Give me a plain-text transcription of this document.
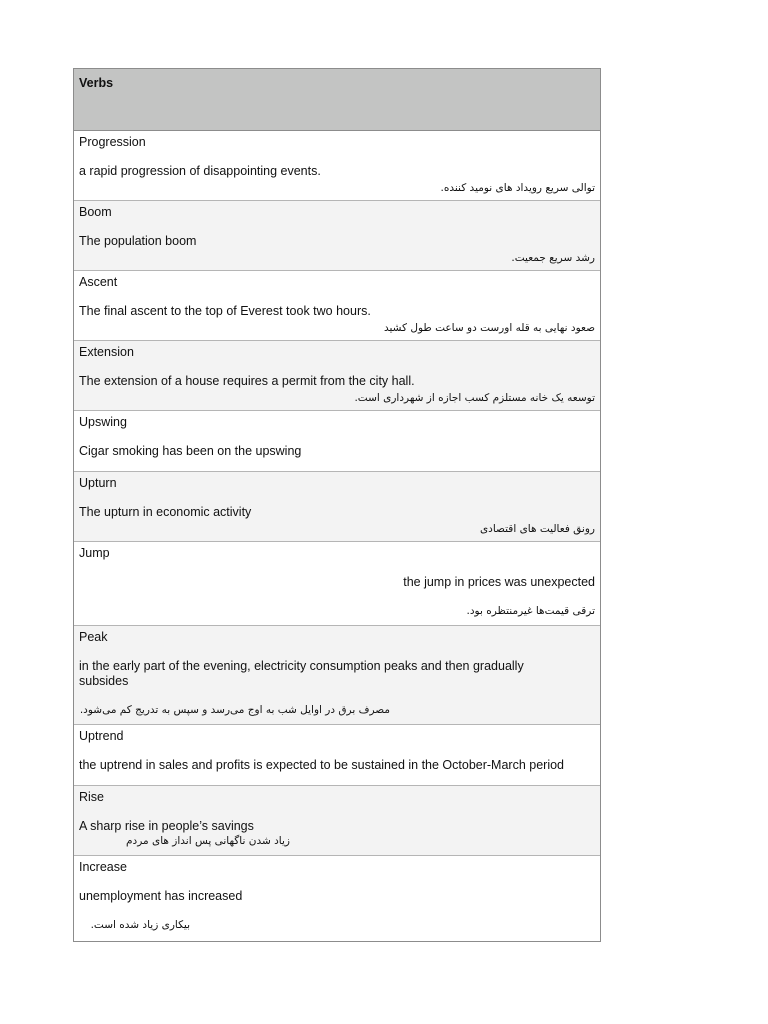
Verbs
Progression
a rapid progression of disappointing events.
توالی سریع رویداد های نومید کننده.
Boom
The population boom
رشد سریع جمعیت.
Ascent
The final ascent to the top of Everest took two hours.
صعود نهایی به قله اورست دو ساعت طول کشید
Extension
The extension of a house requires a permit from the city hall.
توسعه یک خانه مستلزم کسب اجازه از شهرداری است.
Upswing
Cigar smoking has been on the upswing
Upturn
The upturn in economic activity
رونق فعالیت های اقتصادی
Jump
the jump in prices was unexpected
ترقی قیمت‌ها غیرمنتظره بود.
Peak
in the early part of the evening, electricity consumption peaks and then gradually
subsides
مصرف برق در اوایل شب به اوج می‌رسد و سپس به تدریج کم می‌شود.
Uptrend
the uptrend in sales and profits is expected to be sustained in the October-March period
Rise
A sharp rise in people’s savings
زیاد شدن ناگهانی پس انداز های مردم
Increase
unemployment has increased
بیکاری زیاد شده است.
